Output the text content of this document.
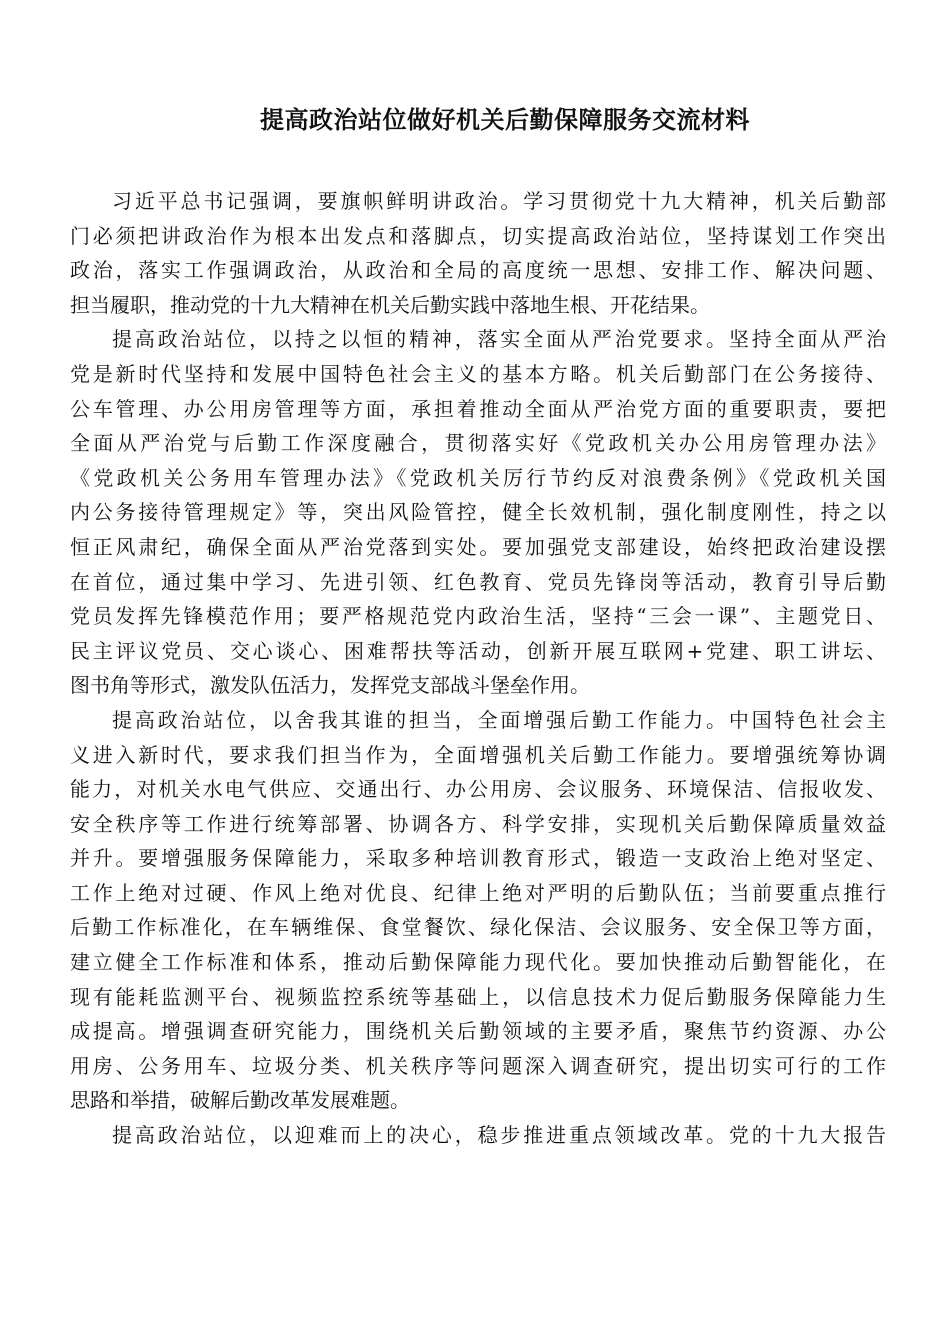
提高政治站位做好机关后勤保障服务交流材料
习近平总书记强调，要旗帜鲜明讲政治。学习贯彻党十九大精神，机关后勤部
门必须把讲政治作为根本出发点和落脚点，切实提高政治站位，坚持谋划工作突出
政治，落实工作强调政治，从政治和全局的高度统一思想、安排工作、解决问题、
担当履职，推动党的十九大精神在机关后勤实践中落地生根、开花结果。
提高政治站位，以持之以恒的精神，落实全面从严治党要求。坚持全面从严治
党是新时代坚持和发展中国特色社会主义的基本方略。机关后勤部门在公务接待、
公车管理、办公用房管理等方面，承担着推动全面从严治党方面的重要职责，要把
全面从严治党与后勤工作深度融合，贯彻落实好《党政机关办公用房管理办法》
《党政机关公务用车管理办法》《党政机关厉行节约反对浪费条例》《党政机关国
内公务接待管理规定》等，突出风险管控，健全长效机制，强化制度刚性，持之以
恒正风肃纪，确保全面从严治党落到实处。要加强党支部建设，始终把政治建设摆
在首位，通过集中学习、先进引领、红色教育、党员先锋岗等活动，教育引导后勤
党员发挥先锋模范作用；要严格规范党内政治生活，坚持“三会一课”、主题党日、
民主评议党员、交心谈心、困难帮扶等活动，创新开展互联网+党建、职工讲坛、
图书角等形式，激发队伍活力，发挥党支部战斗堡垒作用。
提高政治站位，以舍我其谁的担当，全面增强后勤工作能力。中国特色社会主
义进入新时代，要求我们担当作为，全面增强机关后勤工作能力。要增强统筹协调
能力，对机关水电气供应、交通出行、办公用房、会议服务、环境保洁、信报收发、
安全秩序等工作进行统筹部署、协调各方、科学安排，实现机关后勤保障质量效益
并升。要增强服务保障能力，采取多种培训教育形式，锻造一支政治上绝对坚定、
工作上绝对过硬、作风上绝对优良、纪律上绝对严明的后勤队伍；当前要重点推行
后勤工作标准化，在车辆维保、食堂餐饮、绿化保洁、会议服务、安全保卫等方面，
建立健全工作标准和体系，推动后勤保障能力现代化。要加快推动后勤智能化，在
现有能耗监测平台、视频监控系统等基础上，以信息技术力促后勤服务保障能力生
成提高。增强调查研究能力，围绕机关后勤领域的主要矛盾，聚焦节约资源、办公
用房、公务用车、垃圾分类、机关秩序等问题深入调查研究，提出切实可行的工作
思路和举措，破解后勤改革发展难题。
提高政治站位，以迎难而上的决心，稳步推进重点领域改革。党的十九大报告
